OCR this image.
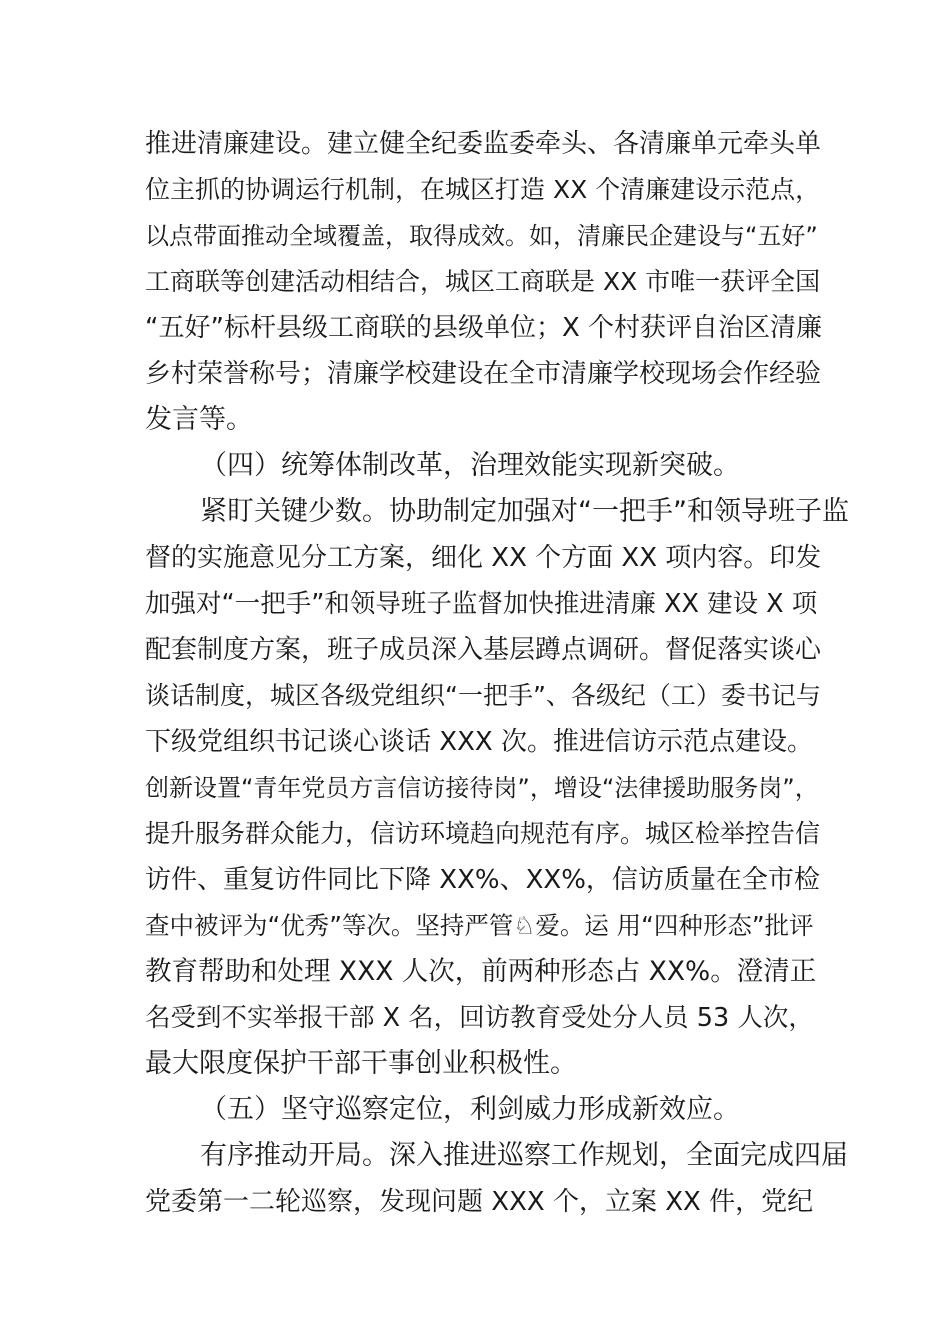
推进清廉建设。建立健全纪委监委牵头、各清廉单元牵头单
位主抓的协调运行机制，在城区打造 XX 个清廉建设示范点，
以点带面推动全域覆盖，取得成效。如，清廉民企建设与“五好”
工商联等创建活动相结合，城区工商联是 XX 市唯一获评全国
“五好”标杆县级工商联的县级单位；X 个村获评自治区清廉
乡村荣誉称号；清廉学校建设在全市清廉学校现场会作经验
发言等。
（四）统筹体制改革，治理效能实现新突破。
紧盯关键少数。协助制定加强对“一把手”和领导班子监
督的实施意见分工方案，细化 XX 个方面 XX 项内容。印发
加强对“一把手”和领导班子监督加快推进清廉 XX 建设 X 项
配套制度方案，班子成员深入基层蹲点调研。督促落实谈心
谈话制度，城区各级党组织“一把手”、各级纪（工）委书记与
下级党组织书记谈心谈话 XXX 次。推进信访示范点建设。
创新设置“青年党员方言信访接待岗”，增设“法律援助服务岗”，
提升服务群众能力，信访环境趋向规范有序。城区检举控告信
访件、重复访件同比下降 XX%、XX%，信访质量在全市检
查中被评为“优秀”等次。坚持严管♘爱。运 用“四种形态”批评
教育帮助和处理 XXX 人次，前两种形态占 XX%。澄清正
名受到不实举报干部 X 名，回访教育受处分人员 53 人次，
最大限度保护干部干事创业积极性。
（五）坚守巡察定位，利剑威力形成新效应。
有序推动开局。深入推进巡察工作规划，全面完成四届
党委第一二轮巡察，发现问题 XXX 个，立案 XX 件，党纪
